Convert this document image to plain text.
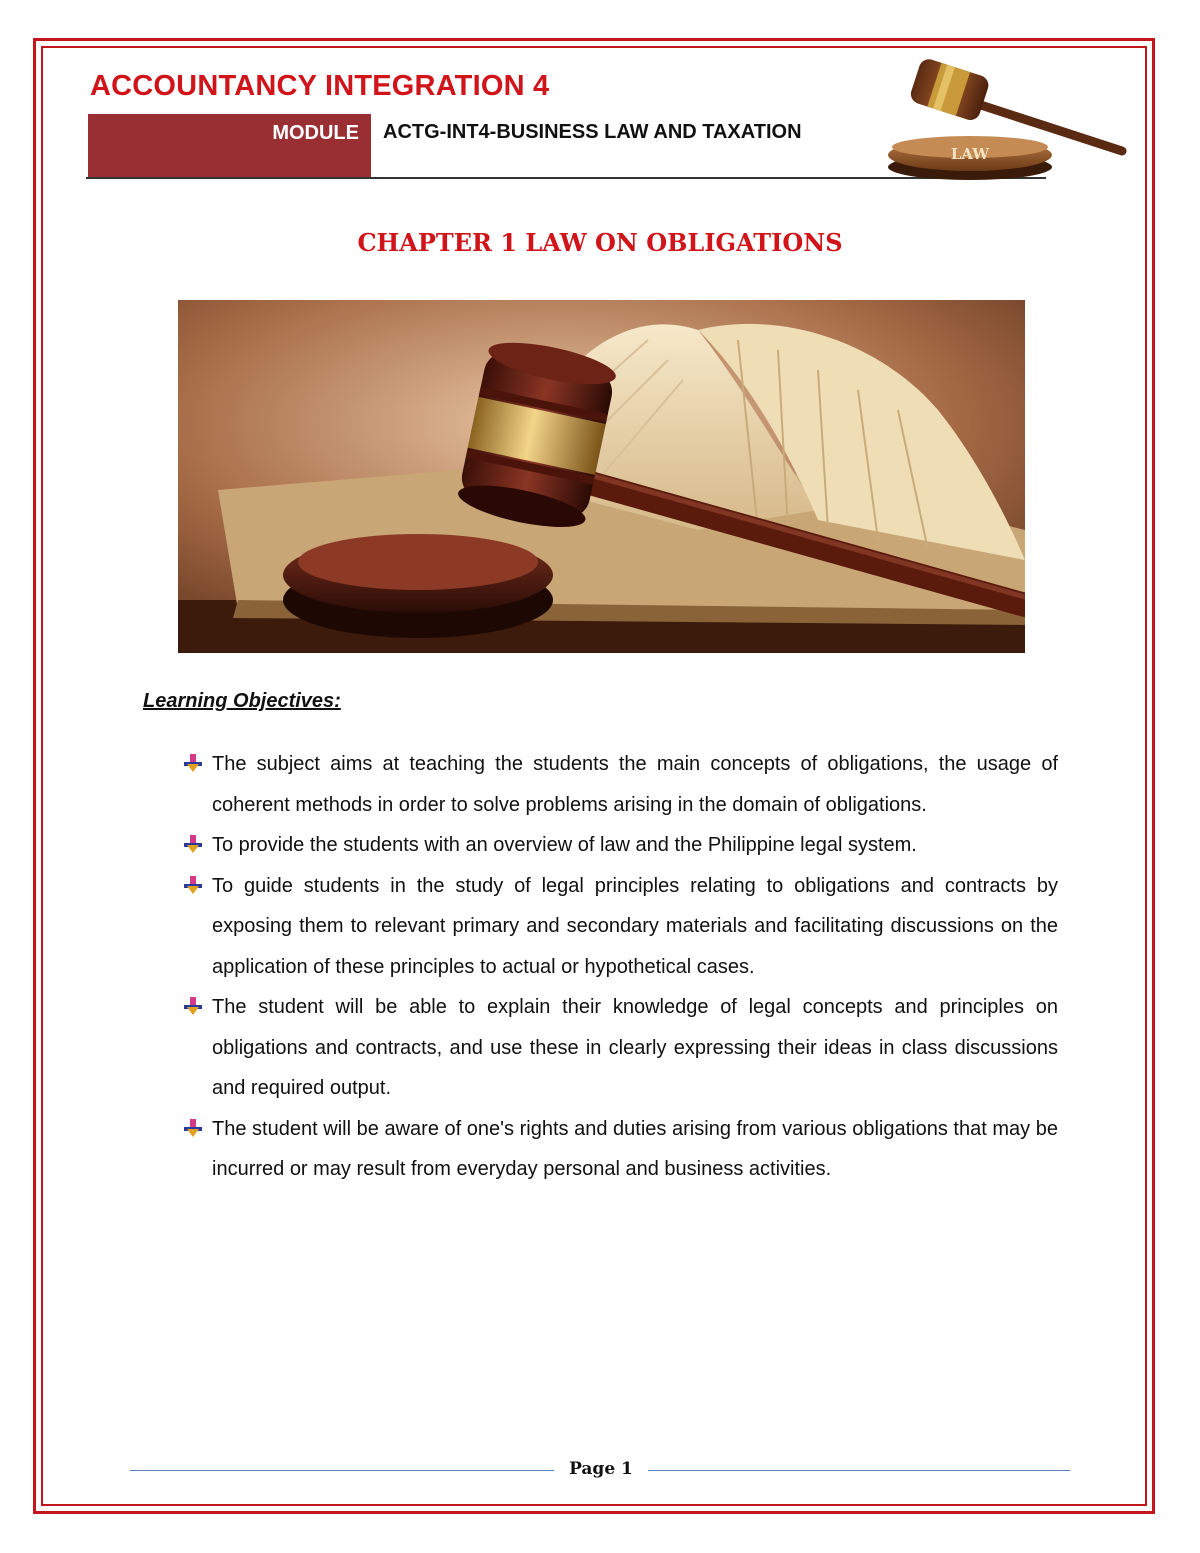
ACCOUNTANCY INTEGRATION 4
MODULE ACTG-INT4-BUSINESS LAW AND TAXATION
LAW
CHAPTER 1 LAW ON OBLIGATIONS
Learning Objectives:
The subject aims at teaching the students the main concepts of obligations, the usage of coherent methods in order to solve problems arising in the domain of obligations.
To provide the students with an overview of law and the Philippine legal system.
To guide students in the study of legal principles relating to obligations and contracts by exposing them to relevant primary and secondary materials and facilitating discussions on the application of these principles to actual or hypothetical cases.
The student will be able to explain their knowledge of legal concepts and principles on obligations and contracts, and use these in clearly expressing their ideas in class discussions and required output.
The student will be aware of one's rights and duties arising from various obligations that may be incurred or may result from everyday personal and business activities.
Page 1
